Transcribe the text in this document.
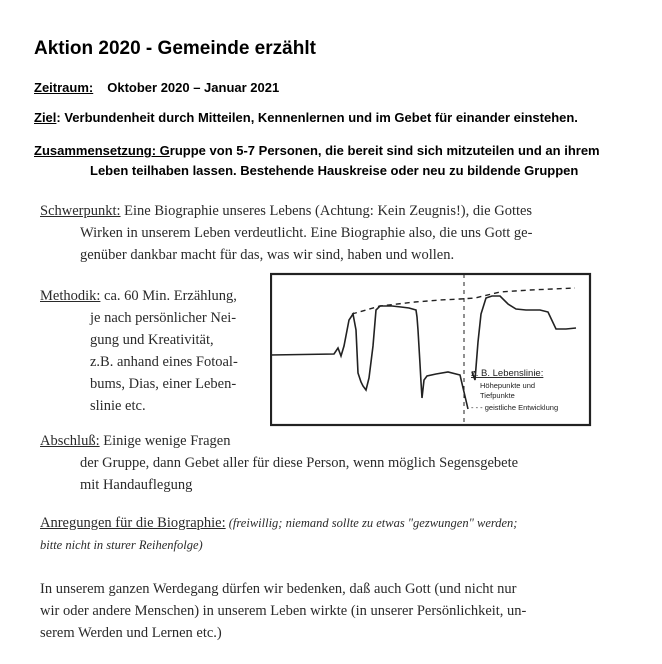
Aktion 2020 - Gemeinde erzählt
Zeitraum: Oktober 2020 – Januar 2021
Ziel: Verbundenheit durch Mitteilen, Kennenlernen und im Gebet für einander einstehen.
Zusammensetzung: Gruppe von 5-7 Personen, die bereit sind sich mitzuteilen und an ihrem
Leben teilhaben lassen. Bestehende Hauskreise oder neu zu bildende Gruppen
Schwerpunkt: Eine Biographie unseres Lebens (Achtung: Kein Zeugnis!), die Gottes
Wirken in unserem Leben verdeutlicht. Eine Biographie also, die uns Gott ge-
genüber dankbar macht für das, was wir sind, haben und wollen.
Methodik: ca. 60 Min. Erzählung,
je nach persönlicher Nei-
gung und Kreativität,
z.B. anhand eines Fotoal-
bums, Dias, einer Leben-
slinie etc.
z. B. Lebenslinie:
Höhepunkte und
Tiefpunkte
- - - geistliche Entwicklung
Abschluß: Einige wenige Fragen
der Gruppe, dann Gebet aller für diese Person, wenn möglich Segensgebete
mit Handauflegung
Anregungen für die Biographie: (freiwillig; niemand sollte zu etwas "gezwungen" werden;
bitte nicht in sturer Reihenfolge)
In unserem ganzen Werdegang dürfen wir bedenken, daß auch Gott (und nicht nur
wir oder andere Menschen) in unserem Leben wirkte (in unserer Persönlichkeit, un-
serem Werden und Lernen etc.)
